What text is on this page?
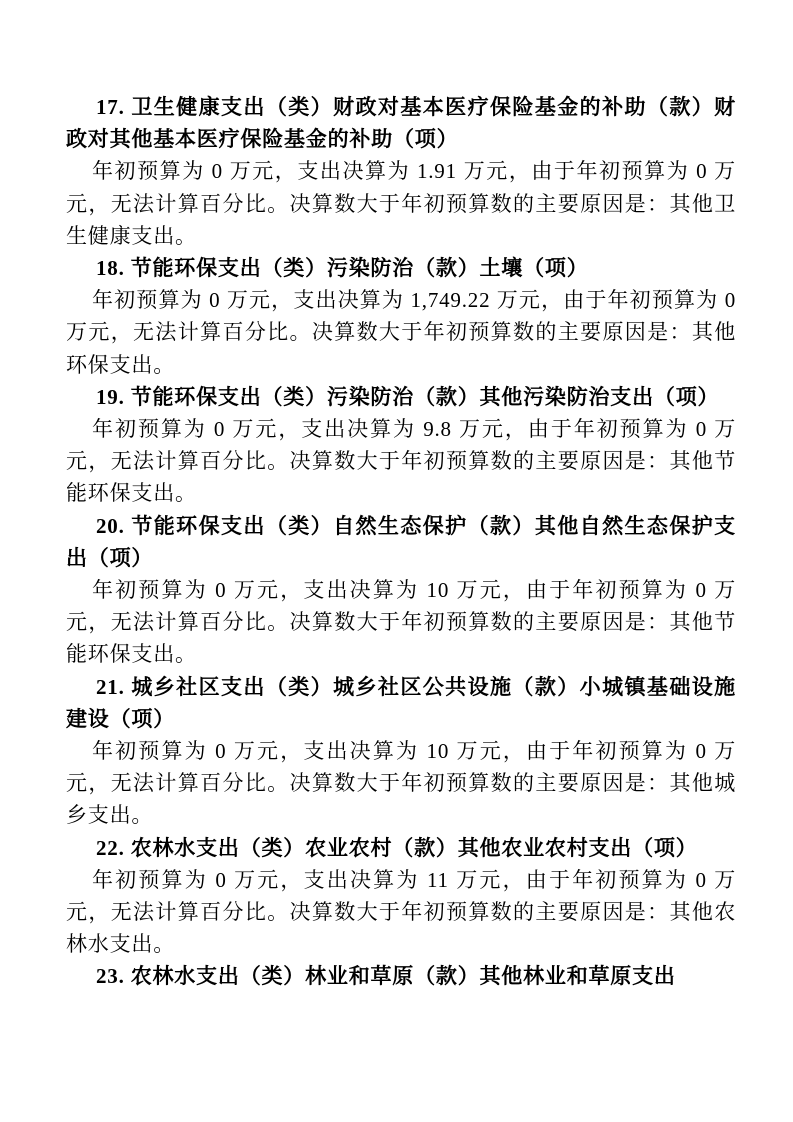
17. 卫生健康支出（类）财政对基本医疗保险基金的补助（款）财政对其他基本医疗保险基金的补助（项）

年初预算为 0 万元，支出决算为 1.91 万元，由于年初预算为 0 万元，无法计算百分比。决算数大于年初预算数的主要原因是：其他卫生健康支出。

18. 节能环保支出（类）污染防治（款）土壤（项）

年初预算为 0 万元，支出决算为 1,749.22 万元，由于年初预算为 0 万元，无法计算百分比。决算数大于年初预算数的主要原因是：其他环保支出。

19. 节能环保支出（类）污染防治（款）其他污染防治支出（项）

年初预算为 0 万元，支出决算为 9.8 万元，由于年初预算为 0 万元，无法计算百分比。决算数大于年初预算数的主要原因是：其他节能环保支出。

20. 节能环保支出（类）自然生态保护（款）其他自然生态保护支出（项）

年初预算为 0 万元，支出决算为 10 万元，由于年初预算为 0 万元，无法计算百分比。决算数大于年初预算数的主要原因是：其他节能环保支出。

21. 城乡社区支出（类）城乡社区公共设施（款）小城镇基础设施建设（项）

年初预算为 0 万元，支出决算为 10 万元，由于年初预算为 0 万元，无法计算百分比。决算数大于年初预算数的主要原因是：其他城乡支出。

22. 农林水支出（类）农业农村（款）其他农业农村支出（项）

年初预算为 0 万元，支出决算为 11 万元，由于年初预算为 0 万元，无法计算百分比。决算数大于年初预算数的主要原因是：其他农林水支出。

23. 农林水支出（类）林业和草原（款）其他林业和草原支出
